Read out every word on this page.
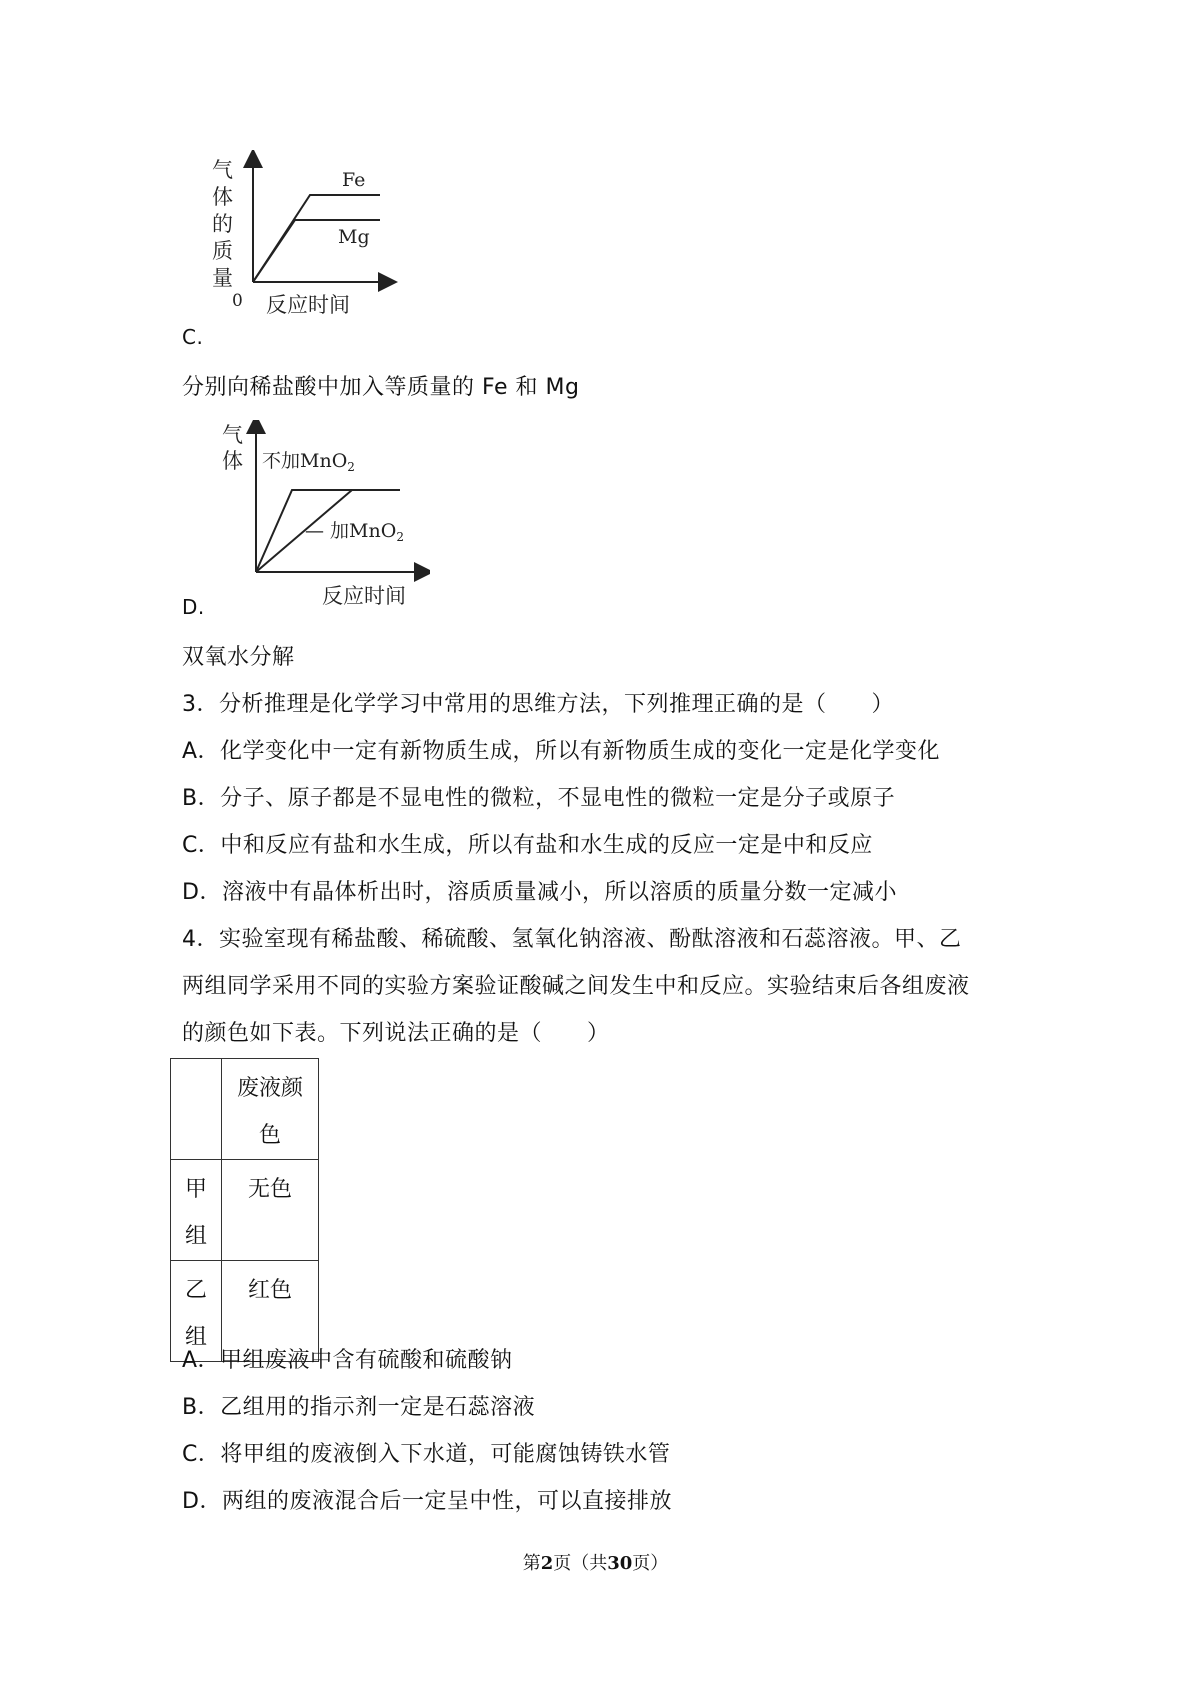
气
体
的
质
量
Fe
Mg
0 反应时间
C.
分别向稀盐酸中加入等质量的 Fe 和 Mg
气
体 不加MnO$_2$
— 加MnO$_2$
反应时间
D.
双氧水分解
3．分析推理是化学学习中常用的思维方法，下列推理正确的是（　　）
A．化学变化中一定有新物质生成，所以有新物质生成的变化一定是化学变化
B．分子、原子都是不显电性的微粒，不显电性的微粒一定是分子或原子
C．中和反应有盐和水生成，所以有盐和水生成的反应一定是中和反应
D．溶液中有晶体析出时，溶质质量减小，所以溶质的质量分数一定减小
4．实验室现有稀盐酸、稀硫酸、氢氧化钠溶液、酚酞溶液和石蕊溶液。甲、乙
两组同学采用不同的实验方案验证酸碱之间发生中和反应。实验结束后各组废液
的颜色如下表。下列说法正确的是（　　）
	废液颜
色
甲
组	无色
乙
组	红色
A．甲组废液中含有硫酸和硫酸钠
B．乙组用的指示剂一定是石蕊溶液
C．将甲组的废液倒入下水道，可能腐蚀铸铁水管
D．两组的废液混合后一定呈中性，可以直接排放
第2页（共30页）
